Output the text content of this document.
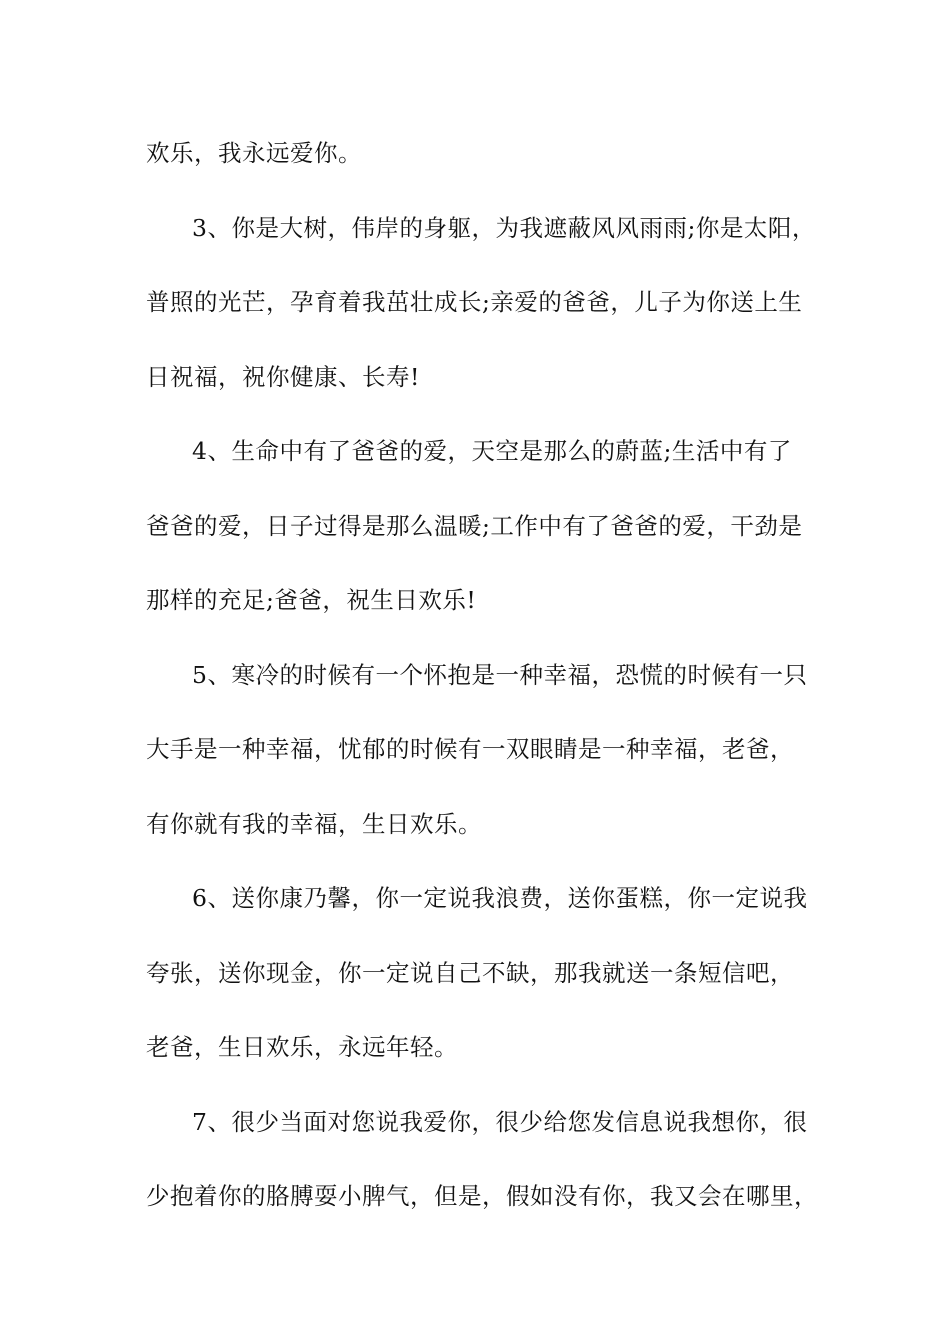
欢乐，我永远爱你。
3、你是大树，伟岸的身躯，为我遮蔽风风雨雨;你是太阳，
普照的光芒，孕育着我茁壮成长;亲爱的爸爸，儿子为你送上生
日祝福，祝你健康、长寿!
4、生命中有了爸爸的爱，天空是那么的蔚蓝;生活中有了
爸爸的爱，日子过得是那么温暖;工作中有了爸爸的爱，干劲是
那样的充足;爸爸，祝生日欢乐!
5、寒冷的时候有一个怀抱是一种幸福，恐慌的时候有一只
大手是一种幸福，忧郁的时候有一双眼睛是一种幸福，老爸，
有你就有我的幸福，生日欢乐。
6、送你康乃馨，你一定说我浪费，送你蛋糕，你一定说我
夸张，送你现金，你一定说自己不缺，那我就送一条短信吧，
老爸，生日欢乐，永远年轻。
7、很少当面对您说我爱你，很少给您发信息说我想你，很
少抱着你的胳膊耍小脾气，但是，假如没有你，我又会在哪里，
